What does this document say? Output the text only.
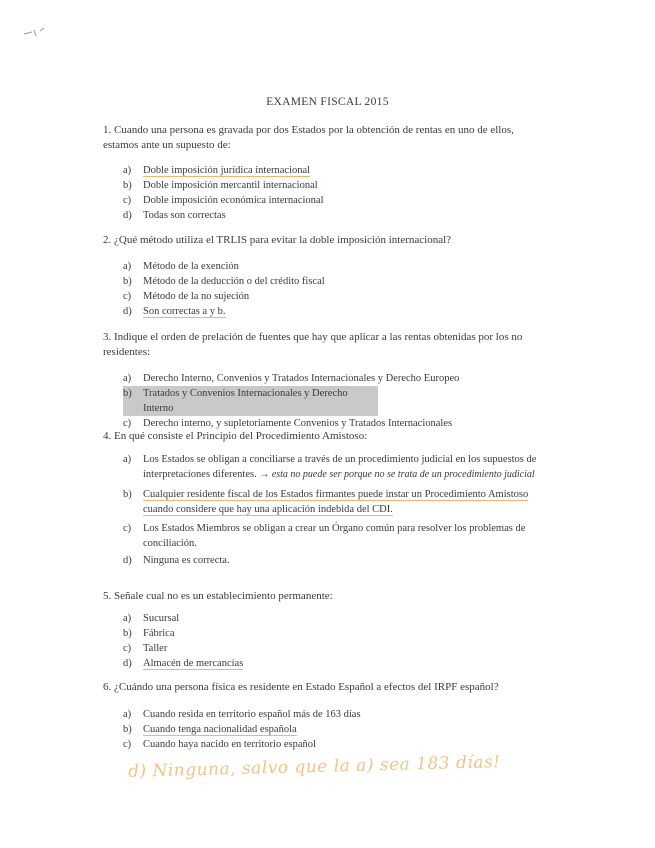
EXAMEN FISCAL 2015
1. Cuando una persona es gravada por dos Estados por la obtención de rentas en uno de ellos, estamos ante un supuesto de:
a)	Doble imposición jurídica internacional
b)	Doble imposición mercantil internacional
c)	Doble imposición económica internacional
d)	Todas son correctas
2. ¿Qué método utiliza el TRLIS para evitar la doble imposición internacional?
a)	Método de la exención
b)	Método de la deducción o del crédito fiscal
c)	Método de la no sujeción
d)	Son correctas a y b.
3. Indique el orden de prelación de fuentes que hay que aplicar a las rentas obtenidas por los no residentes:
a)	Derecho Interno, Convenios y Tratados Internacionales y Derecho Europeo
b)	Tratados y Convenios Internacionales y Derecho Interno
c)	Derecho interno, y supletoriamente Convenios y Tratados Internacionales
4. En qué consiste el Principio del Procedimiento Amistoso:
a)	Los Estados se obligan a conciliarse a través de un procedimiento judicial en los supuestos de interpretaciones diferentes. → esta no puede ser porque no se trata de un procedimiento judicial
b)	Cualquier residente fiscal de los Estados firmantes puede instar un Procedimiento Amistoso cuando considere que hay una aplicación indebida del CDI.
c)	Los Estados Miembros se obligan a crear un Órgano común para resolver los problemas de conciliación.
d)	Ninguna es correcta.
5. Señale cual no es un establecimiento permanente:
a)	Sucursal
b)	Fábrica
c)	Taller
d)	Almacén de mercancías
6. ¿Cuándo una persona física es residente en Estado Español a efectos del IRPF español?
a)	Cuando resida en territorio español más de 163 días
b)	Cuando tenga nacionalidad española
c)	Cuando haya nacido en territorio español
d) Ninguna, salvo que la a) sea 183 días!
